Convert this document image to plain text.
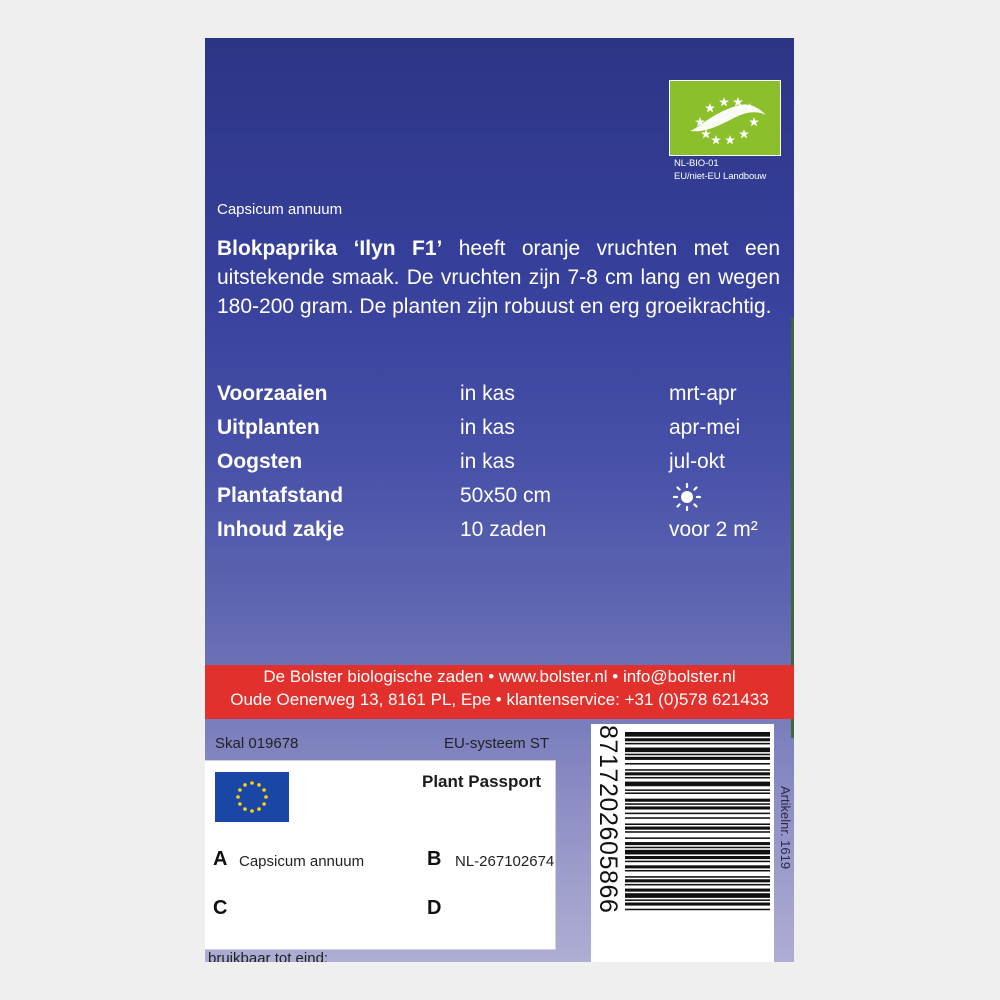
NL-BIO-01
EU/niet-EU Landbouw
Capsicum annuum
Blokpaprika ‘Ilyn F1’ heeft oranje vruchten met een uitstekende smaak. De vruchten zijn 7-8 cm lang en wegen 180-200 gram. De planten zijn robuust en erg groeikrachtig.
Voorzaaien	in kas	mrt-apr
Uitplanten	in kas	apr-mei
Oogsten	in kas	jul-okt
Plantafstand	50x50 cm
Inhoud zakje	10 zaden	voor 2 m²
De Bolster biologische zaden • www.bolster.nl • info@bolster.nl
Oude Oenerweg 13, 8161 PL, Epe • klantenservice: +31 (0)578 621433
Skal 019678	EU-systeem ST
Plant Passport
A Capsicum annuum	B NL-267102674
C	D
bruikbaar tot eind:
Artikelnr. 1619
8717202605866
